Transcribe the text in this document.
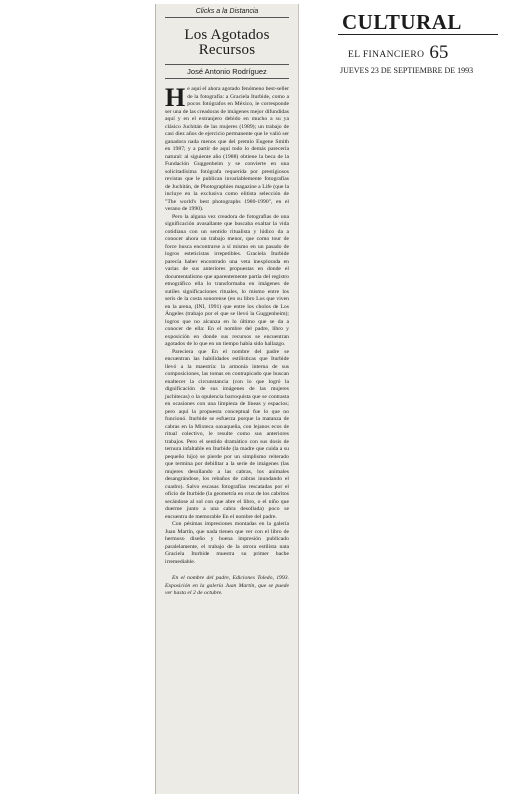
Clicks a la Distancia
Los Agotados
Recursos
José Antonio Rodríguez

He aquí el ahora agotado fenómeno best-seller de la fotografía: a Graciela Iturbide, como a pocos fotógrafos en México, le corresponde ser una de las creadoras de imágenes mejor difundidas aquí y en el extranjero debido en mucho a su ya clásico Juchitán de las mujeres (1989); un trabajo de casi diez años de ejercicio permanente que le valió ser ganadora nada menos que del premio Eugene Smith en 1987; y a partir de aquí todo lo demás parecería natural: al siguiente año (1988) obtiene la beca de la Fundación Guggenheim y se convierte en una solicitadísima fotógrafa requerida por prestigiosos revistas que le publican invariablemente fotografías de Juchitán, de Photographies magazine a Life (que la incluye en la exclusiva como elitista selección de "The world's best photographs 1980-1990", en el verano de 1990).

Pero la alguna vez creadora de fotografías de una significación avasallante que buscaba exaltar la vida cotidiana con un sentido ritualista y lúdico da a conocer ahora un trabajo menor, que como tour de force busca encontrarse a sí mismo en un pasado de logros esteticistas irrepetibles. Graciela Iturbide parecía haber encontrado una veta inexplorada en varias de sus anteriores propuestas en donde el documentalismo que aparentemente partía del registro etnográfico ella lo transformaba en imágenes de sutiles significaciones rituales, lo mismo entre los seris de la costa sonorense (en su libro Los que viven en la arena, (INI, 1991) que entre los cholos de Los Ángeles (trabajo por el que se llevó la Guggenheim); logros que no alcanza en lo último que se da a conocer de ella: En el nombre del padre, libro y exposición en donde sus recursos se encuentran agotados de lo que en un tiempo había sido hallazgo.

Pareciera que En el nombre del padre se encuentran las habilidades estilísticas que Iturbide llevó a la maestría: la armonía interna de sus composiciones, las tomas en contrapicado que buscan enaltecer la circunstancia (con lo que logró la dignificación de sus imágenes de las mujeres juchitecas) o la opulencia barroquista que se contrasta en ocasiones con una limpieza de líneas y espacios; pero aquí la propuesta conceptual fue lo que no funcionó. Iturbide se esfuerza porque la matanza de cabras en la Mixteca oaxaqueña, con lejanos ecos de ritual colectivo, le resulte como sus anteriores trabajos. Pero el sentido dramático con sus dosis de ternura infaltable en Iturbide (la madre que cuida a su pequeño hijo) se pierde por un simplismo reiterado que termina por debilitar a la serie de imágenes (las mujeres desollando a las cabras, los animales desangrándose, los rebaños de cabras inundando el cuadro). Salvo escasas fotografías rescatadas por el oficio de Iturbide (la geometría en cruz de los cabritos secándose al sol con que abre el libro, o el niño que duerme junto a una cabra desollada) poco se encuentra de memorable En el nombre del padre.

Con pésimas impresiones montadas en la galería Juan Martín, que nada tienen que ver con el libro de hermoso diseño y buena impresión publicado paralelamente, el trabajo de la otrora estilista nata Graciela Iturbide muestra su primer bache irremediable.

En el nombre del padre, Ediciones Toledo, 1993. Exposición en la galería Juan Martín, que se puede ver hasta el 2 de octubre.
CULTURAL
EL FINANCIERO 65
JUEVES 23 DE SEPTIEMBRE DE 1993
